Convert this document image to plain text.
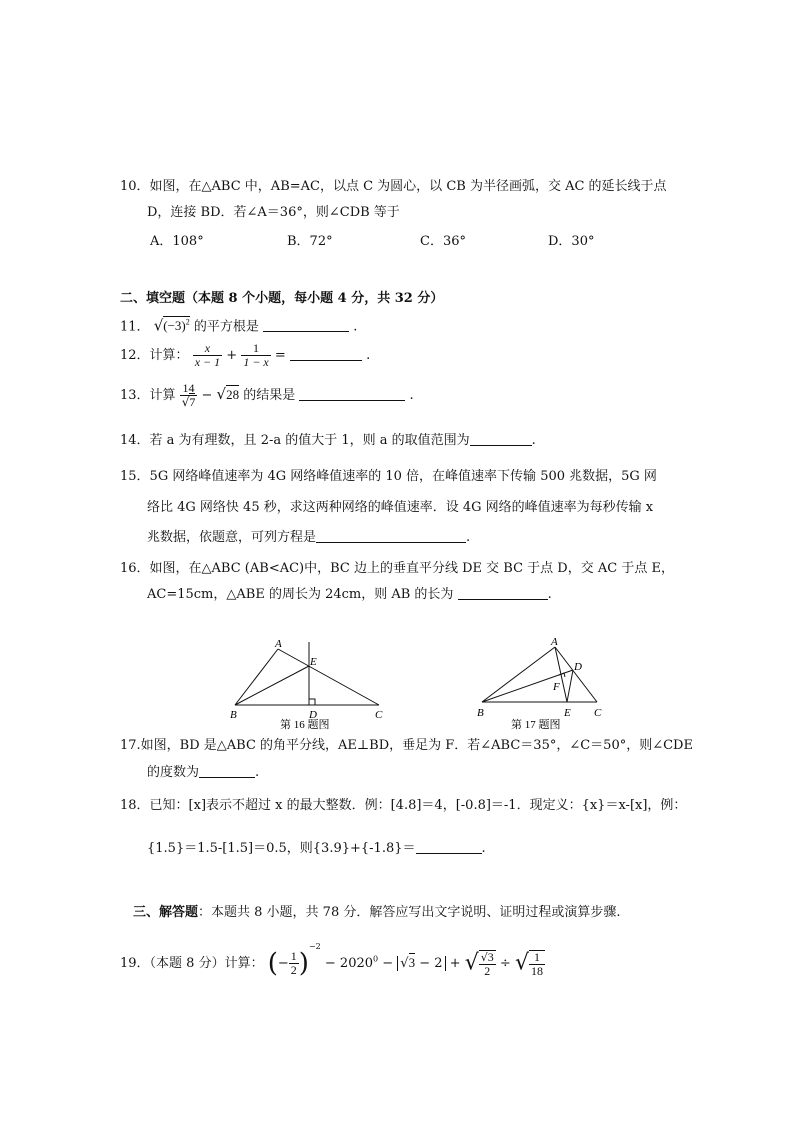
10．如图，在△ABC 中，AB=AC，以点 C 为圆心，以 CB 为半径画弧，交 AC 的延长线于点
D，连接 BD．若∠A＝36°，则∠CDB 等于
A．108°	B．72°	C．36°	D．30°
二、填空题（本题 8 个小题，每小题 4 分，共 32 分）
11． $√(-3)^2$ 的平方根是	.
12．计算： $\frac{x}{x - 1} + \frac{1}{1 - x}$ =	.
13．计算 $\frac{14}{√7} - √28$ 的结果是	.
14．若 a 为有理数，且 2-a 的值大于 1，则 a 的取值范围为	.
15．5G 网络峰值速率为 4G 网络峰值速率的 10 倍，在峰值速率下传输 500 兆数据，5G 网
络比 4G 网络快 45 秒，求这两种网络的峰值速率．设 4G 网络的峰值速率为每秒传输 x
兆数据，依题意，可列方程是	.
16．如图，在△ABC (AB<AC)中，BC 边上的垂直平分线 DE 交 BC 于点 D，交 AC 于点 E，
AC=15cm，△ABE 的周长为 24cm，则 AB 的长为	.
A
B	C
D
E
第 16 题图
A
B	C
D
E
F
第 17 题图
17.如图，BD 是△ABC 的角平分线，AE⊥BD，垂足为 F．若∠ABC＝35°，∠C＝50°，则∠CDE
的度数为	.
18．已知：[x]表示不超过 x 的最大整数．例：[4.8]＝4，[-0.8]＝-1．现定义：{x}＝x-[x]，例：
{1.5}＝1.5-[1.5]＝0.5，则{3.9}+{-1.8}＝	.
三、解答题：本题共 8 小题，共 78 分．解答应写出文字说明、证明过程或演算步骤.
19．（本题 8 分）计算： (− $\frac{1}{2} )^{-2} - 2020^0 - √3 - 2$ + √ $\frac{√3}{2}$ ÷ √ $\frac{1}{18}$
